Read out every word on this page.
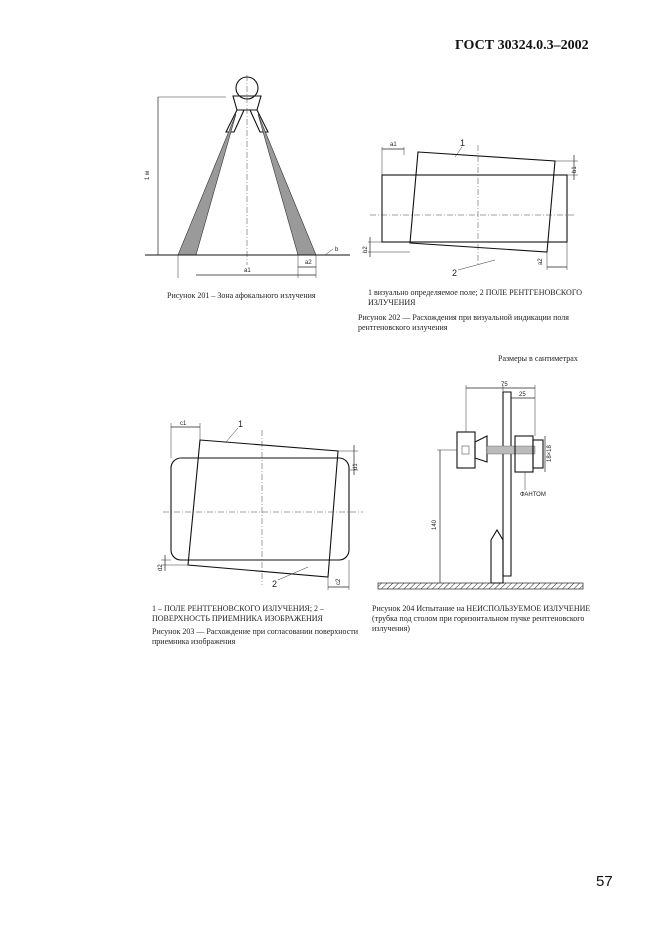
ГОСТ 30324.0.3–2002
1 м
a1
a2
b
Рисунок 201 – Зона афокального излучения
a1
b1
b2
a2
1
2
1 визуально определяемое поле; 2 ПОЛЕ РЕНТГЕНОВСКОГО ИЗЛУЧЕНИЯ
Рисунок 202 — Расхождения при визуальной индикации поля рентгеновского излучения
Размеры в сантиметрах
c1
d1
d2
c2
1
2
1 – ПОЛЕ РЕНТГЕНОВСКОГО ИЗЛУЧЕНИЯ; 2 – ПОВЕРХНОСТЬ ПРИЕМНИКА ИЗОБРАЖЕНИЯ
Рисунок 203 — Расхождение при согласовании поверхности приемника изображения
75
25
18×18
140
ФАНТОМ
Рисунок 204 Испытание на НЕИСПОЛЬЗУЕМОЕ ИЗЛУЧЕНИЕ (трубка под столом при горизонтальном пучке рентгеновского излучения)
57
